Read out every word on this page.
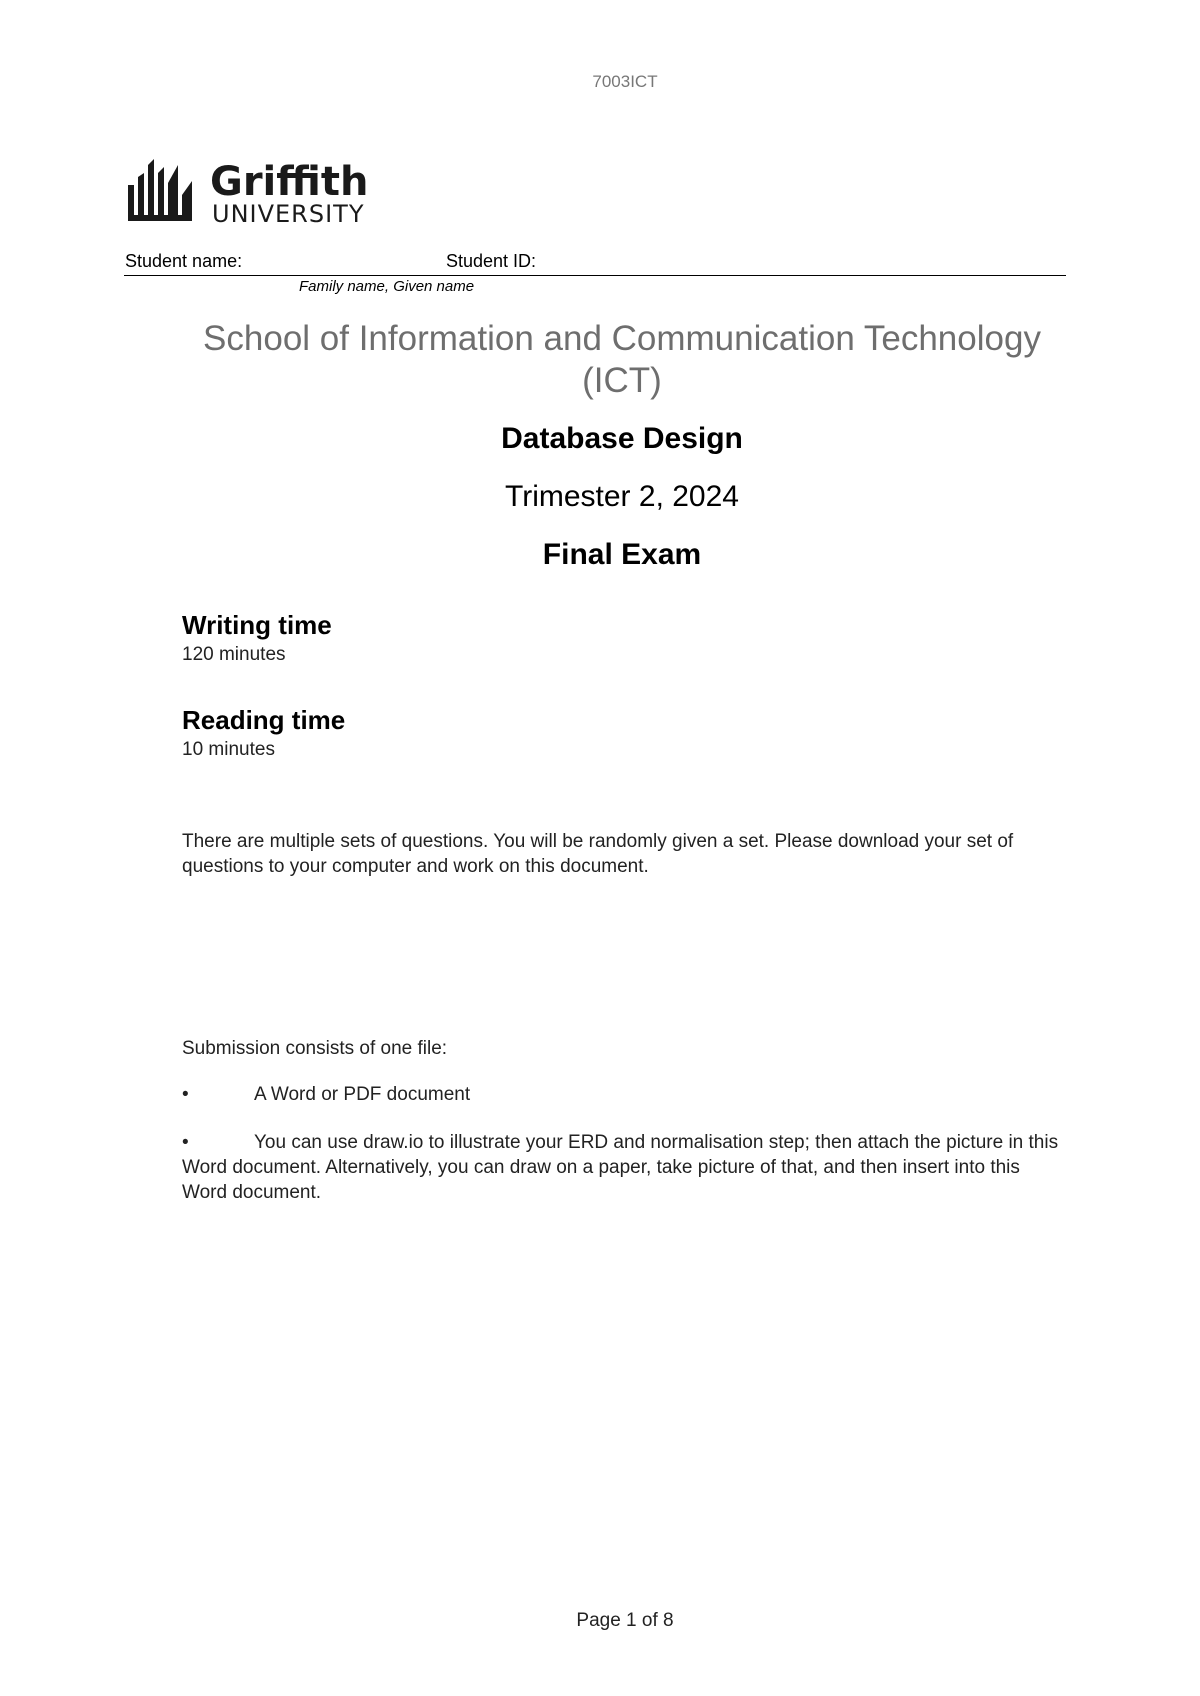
7003ICT
Griffith
UNIVERSITY
Student name:	Student ID:
Family name, Given name
School of Information and Communication Technology (ICT)
Database Design
Trimester 2, 2024
Final Exam
Writing time
120 minutes
Reading time
10 minutes
There are multiple sets of questions. You will be randomly given a set. Please download your set of questions to your computer and work on this document.
Submission consists of one file:
•	A Word or PDF document
•	You can use draw.io to illustrate your ERD and normalisation step; then attach the picture in this Word document. Alternatively, you can draw on a paper, take picture of that, and then insert into this Word document.
Page 1 of 8
